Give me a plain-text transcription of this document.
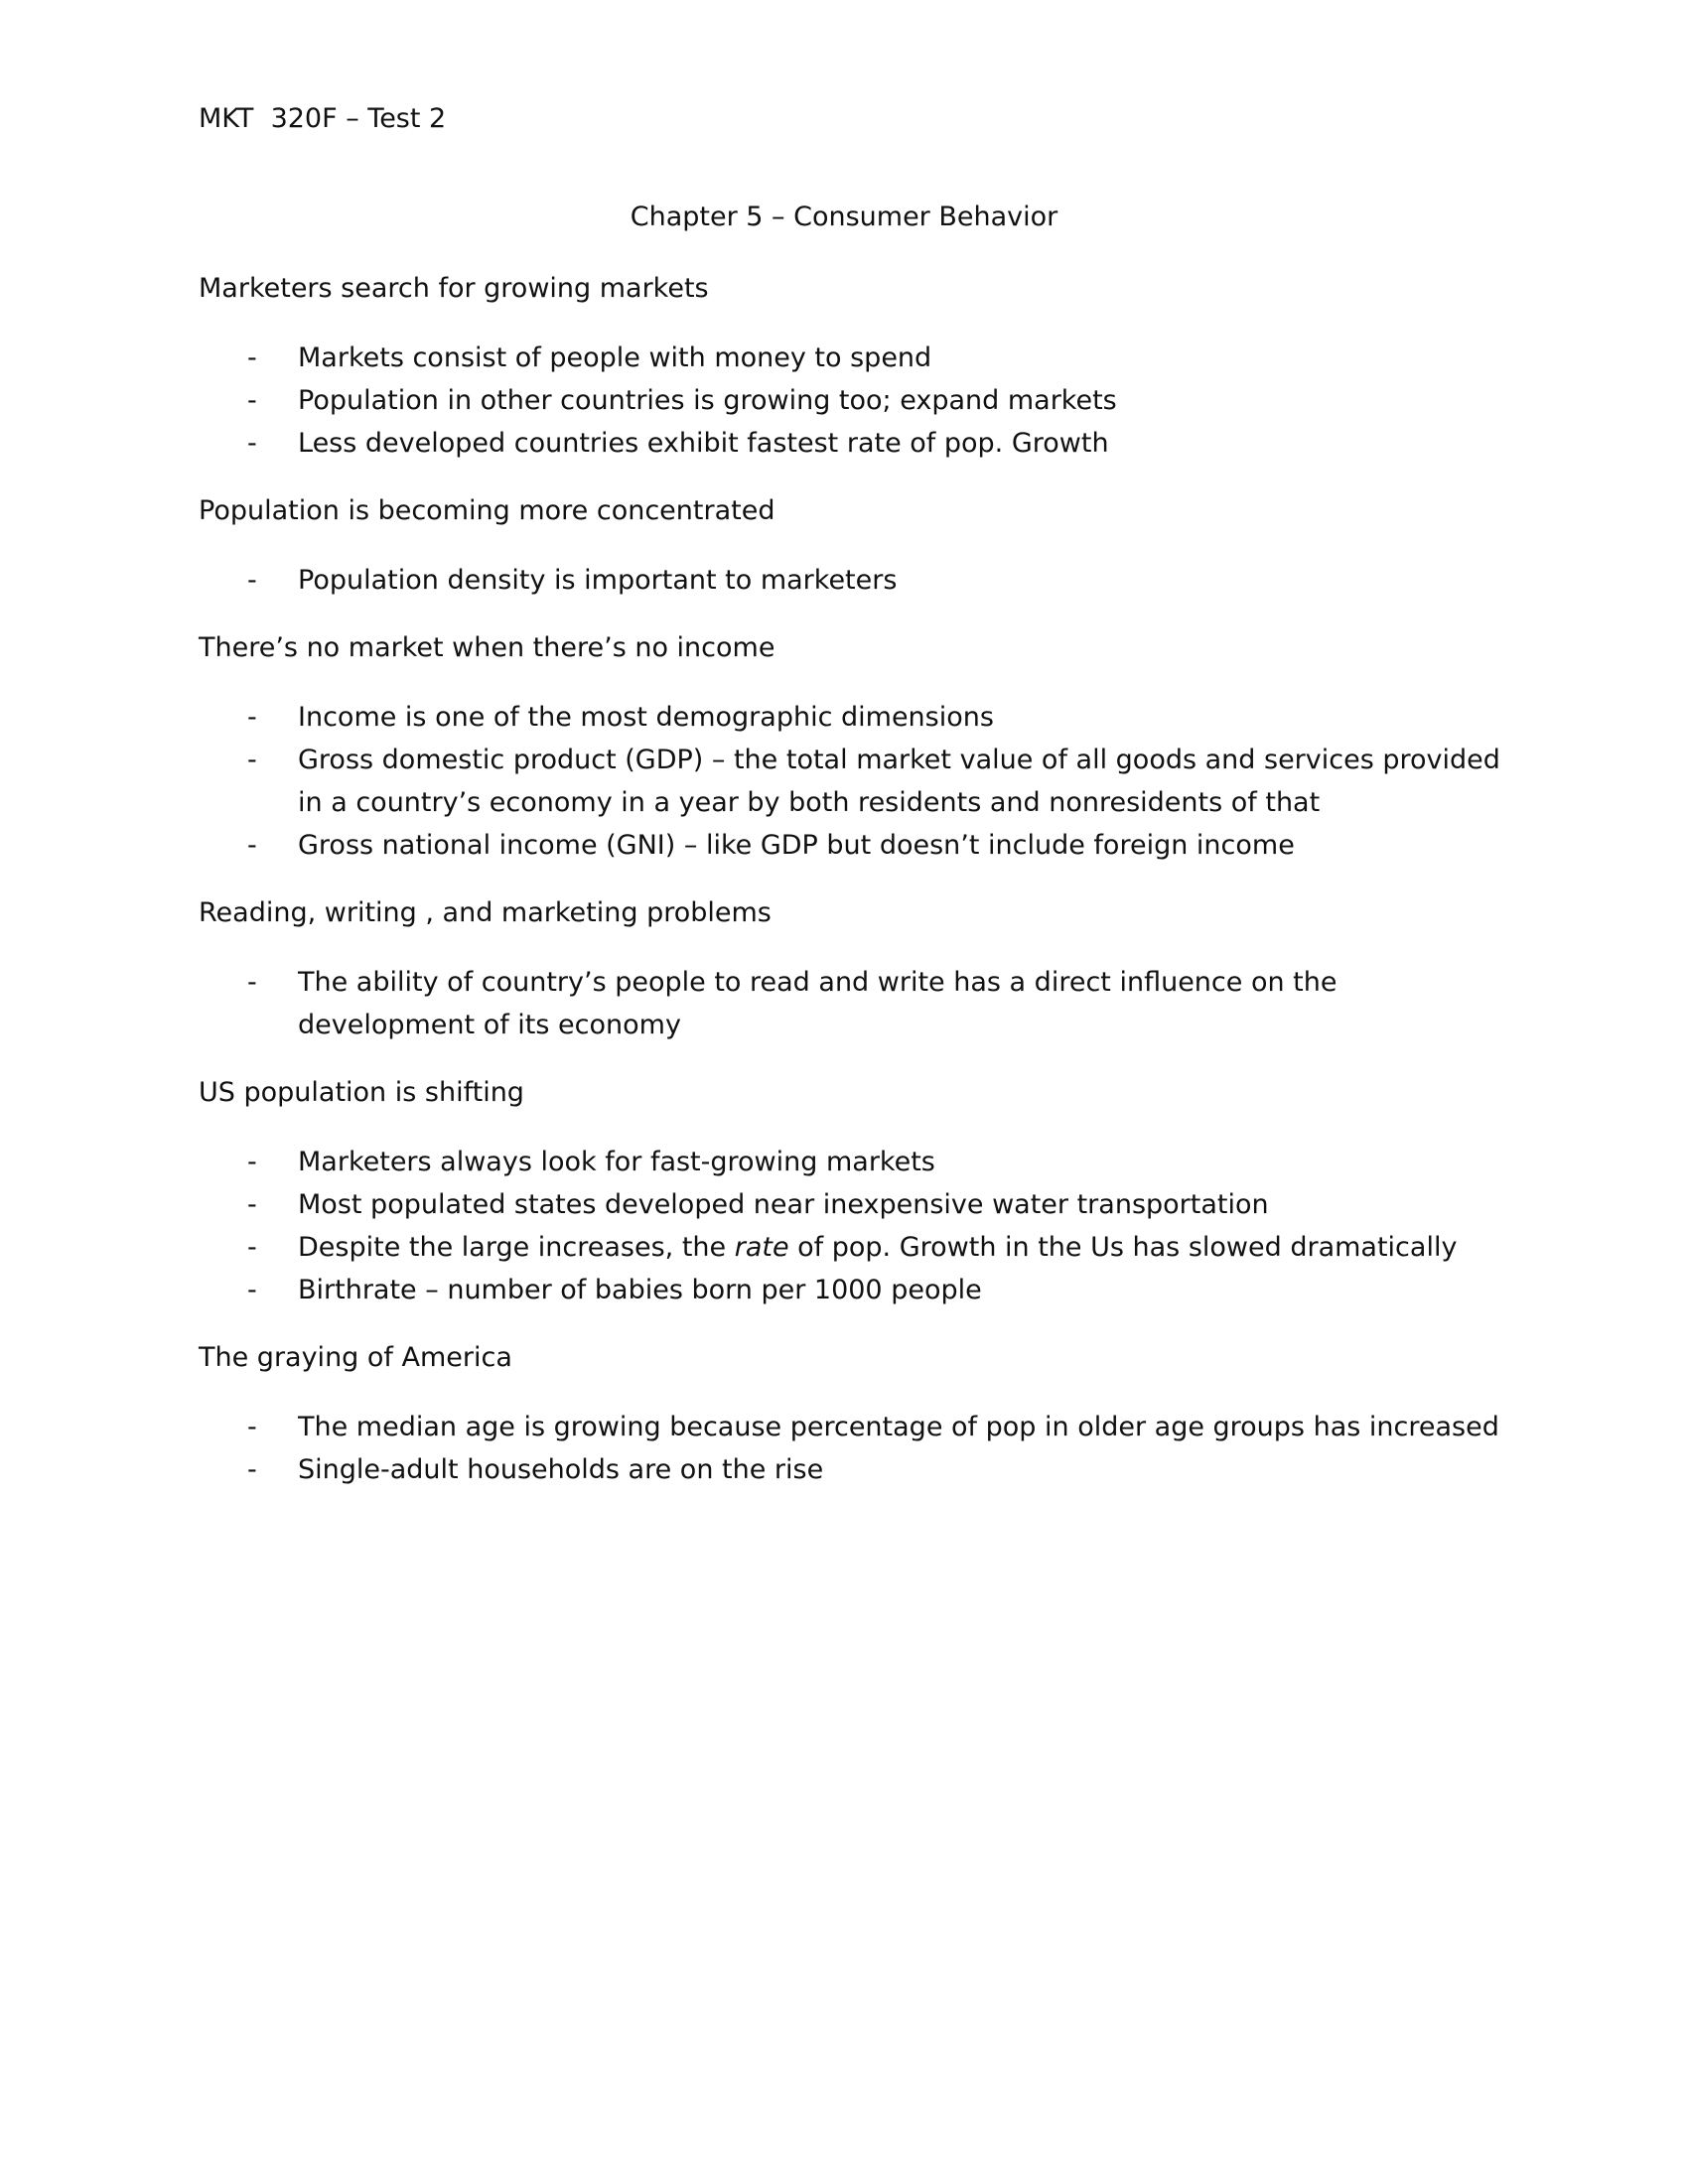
MKT  320F – Test 2
Chapter 5 – Consumer Behavior
Marketers search for growing markets
- Markets consist of people with money to spend
- Population in other countries is growing too; expand markets
- Less developed countries exhibit fastest rate of pop. Growth
Population is becoming more concentrated
- Population density is important to marketers
There’s no market when there’s no income
- Income is one of the most demographic dimensions
- Gross domestic product (GDP) – the total market value of all goods and services provided in a country’s economy in a year by both residents and nonresidents of that
- Gross national income (GNI) – like GDP but doesn’t include foreign income
Reading, writing , and marketing problems
- The ability of country’s people to read and write has a direct influence on the development of its economy
US population is shifting
- Marketers always look for fast-growing markets
- Most populated states developed near inexpensive water transportation
- Despite the large increases, the rate of pop. Growth in the Us has slowed dramatically
- Birthrate – number of babies born per 1000 people
The graying of America
- The median age is growing because percentage of pop in older age groups has increased
- Single-adult households are on the rise
